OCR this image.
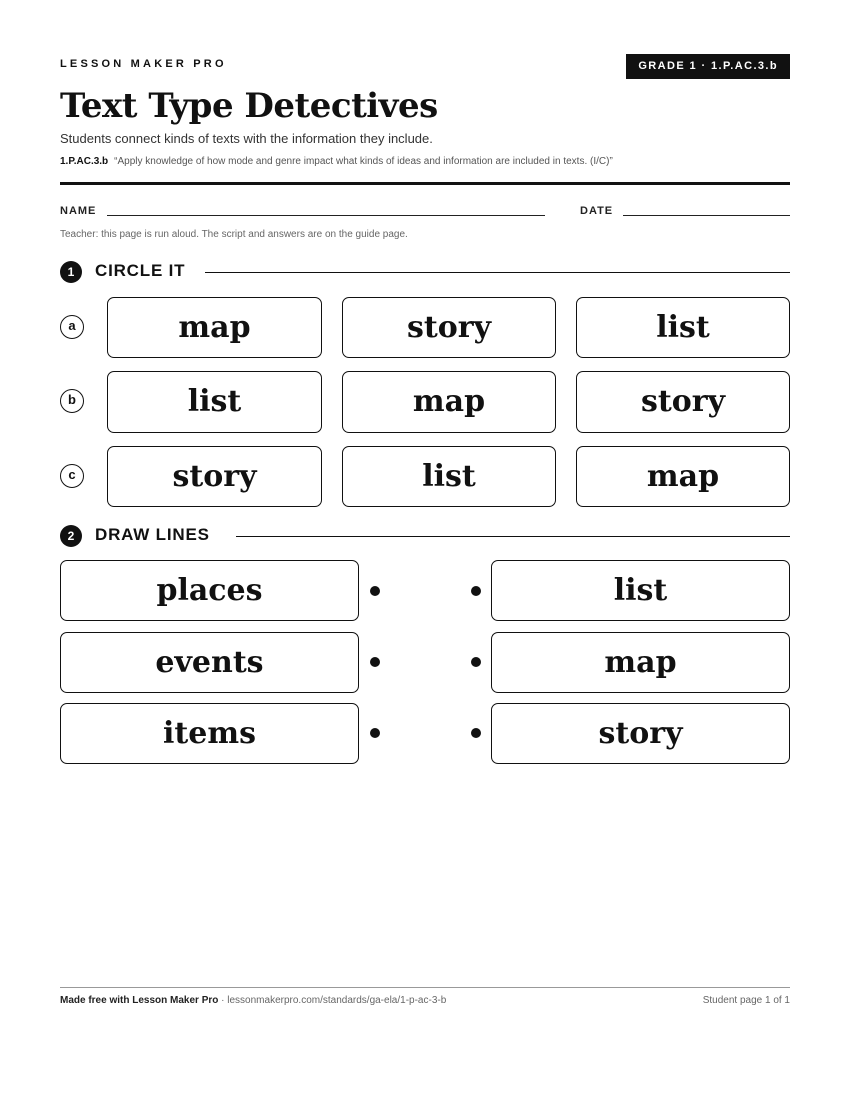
LESSON MAKER PRO	GRADE 1 · 1.P.AC.3.b
Text Type Detectives
Students connect kinds of texts with the information they include.
1.P.AC.3.b “Apply knowledge of how mode and genre impact what kinds of ideas and information are included in texts. (I/C)”
NAME	DATE
Teacher: this page is run aloud. The script and answers are on the guide page.
1	CIRCLE IT
a	map	story	list
b	list	map	story
c	story	list	map
2	DRAW LINES
places	list
events	map
items	story
Made free with Lesson Maker Pro · lessonmakerpro.com/standards/ga-ela/1-p-ac-3-b	Student page 1 of 1
